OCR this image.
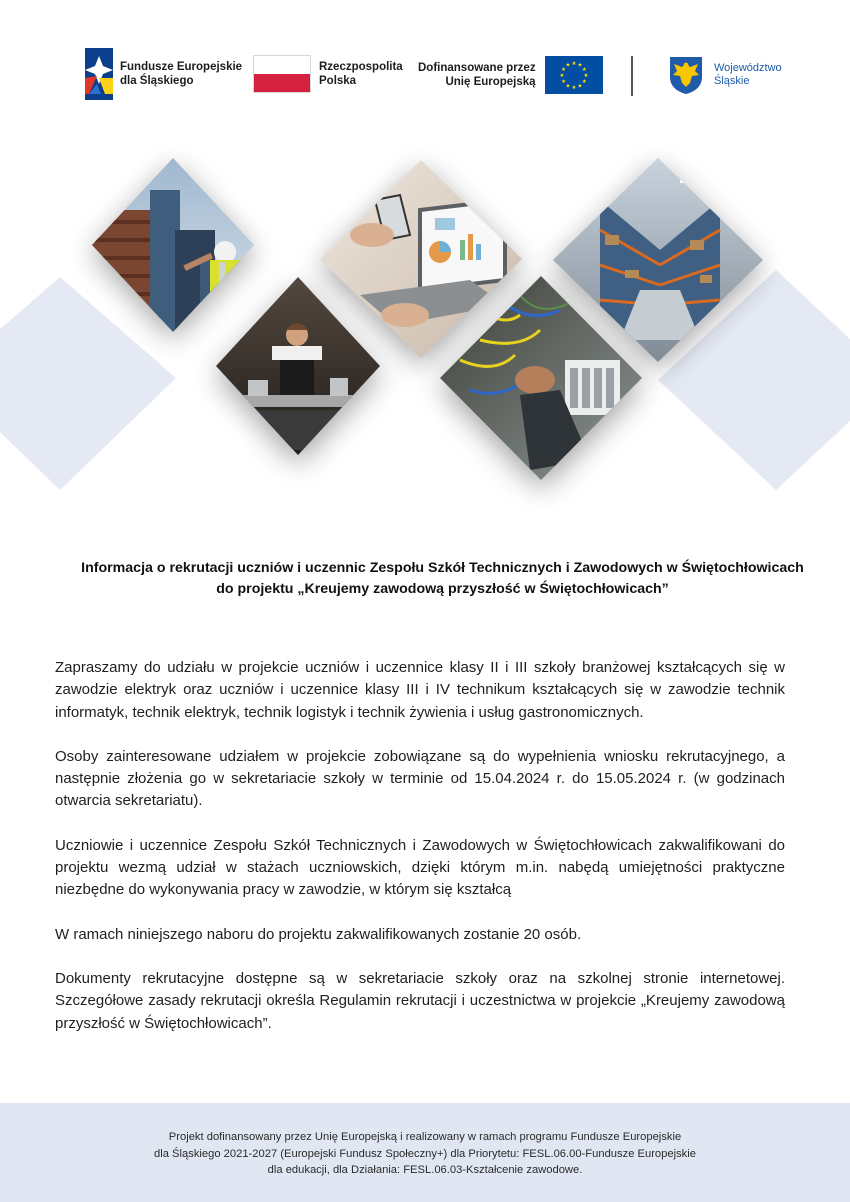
Fundusze Europejskie
dla Śląskiego
Rzeczpospolita
Polska
Dofinansowane przez
Unię Europejską
★ ★
★
★
★
★
★
★
★
★
★
★	Województwo
Śląskie
Informacja o rekrutacji uczniów i uczennic Zespołu Szkół Technicznych i Zawodowych w Świętochłowicach
do projektu „Kreujemy zawodową przyszłość w Świętochłowicach”

Zapraszamy do udziału w projekcie uczniów i uczennice klasy II i III szkoły branżowej kształcących się w zawodzie elektryk oraz uczniów i uczennice klasy III i IV technikum kształcących się w zawodzie technik informatyk, technik elektryk, technik logistyk i technik żywienia i usług gastronomicznych.

Osoby zainteresowane udziałem w projekcie zobowiązane są do wypełnienia wniosku rekrutacyjnego, a następnie złożenia go w sekretariacie szkoły w terminie od 15.04.2024 r. do 15.05.2024 r. (w godzinach otwarcia sekretariatu).

Uczniowie i uczennice Zespołu Szkół Technicznych i Zawodowych w Świętochłowicach zakwalifikowani do projektu wezmą udział w stażach uczniowskich, dzięki którym m.in. nabędą umiejętności praktyczne niezbędne do wykonywania pracy w zawodzie, w którym się kształcą

W ramach niniejszego naboru do projektu zakwalifikowanych zostanie 20 osób.

Dokumenty rekrutacyjne dostępne są w sekretariacie szkoły oraz na szkolnej stronie internetowej. Szczegółowe zasady rekrutacji określa Regulamin rekrutacji i uczestnictwa w projekcie „Kreujemy zawodową przyszłość w Świętochłowicach”.

Projekt dofinansowany przez Unię Europejską i realizowany w ramach programu Fundusze Europejskie
dla Śląskiego 2021-2027 (Europejski Fundusz Społeczny+) dla Priorytetu: FESL.06.00-Fundusze Europejskie
dla edukacji, dla Działania: FESL.06.03-Kształcenie zawodowe.
